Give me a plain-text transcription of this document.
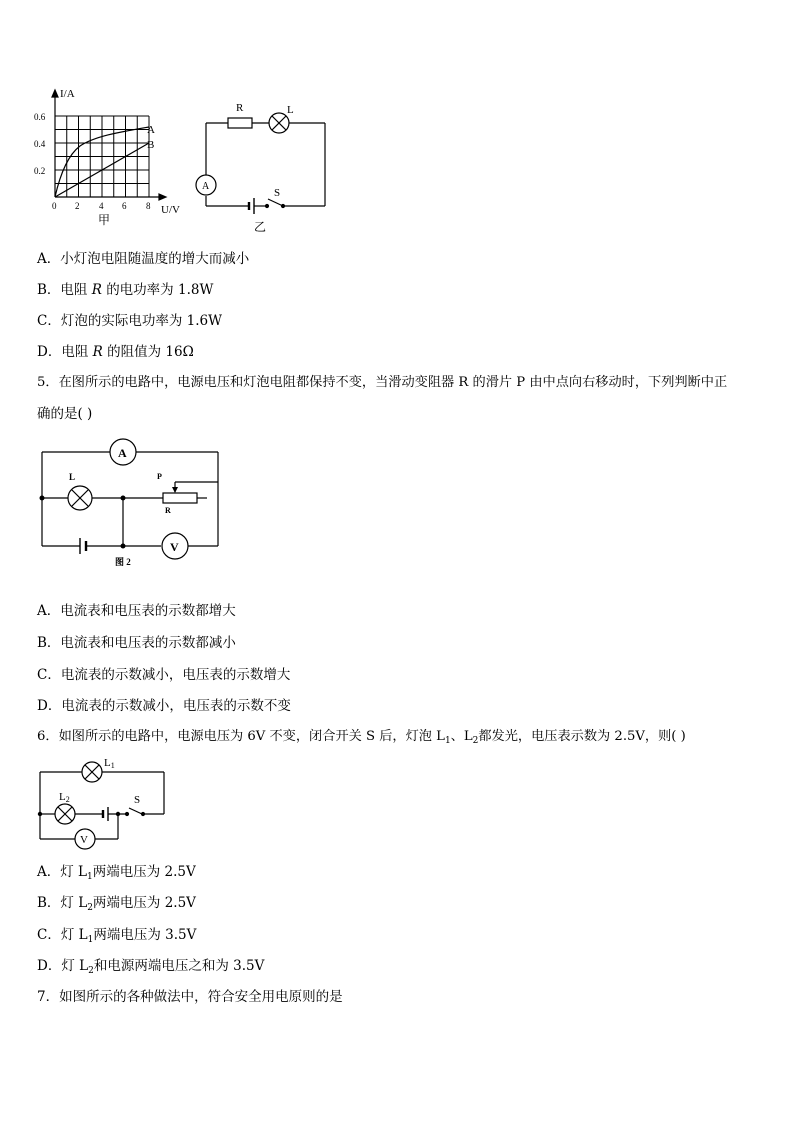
A
B
I/A
0.6
0.4
0.2
0 2 4 6 8 U/V
甲
R	L
A
S
乙
A．小灯泡电阻随温度的增大而减小
B．电阻 R 的电功率为 1.8W
C．灯泡的实际电功率为 1.6W
D．电阻 R 的阻值为 16Ω
5．在图所示的电路中，电源电压和灯泡电阻都保持不变，当滑动变阻器 R 的滑片 P 由中点向右移动时，下列判断中正
确的是( )
A
V
L	P
R
图 2
A．电流表和电压表的示数都增大
B．电流表和电压表的示数都减小
C．电流表的示数减小，电压表的示数增大
D．电流表的示数减小，电压表的示数不变
6．如图所示的电路中，电源电压为 6V 不变，闭合开关 S 后，灯泡 $L_1$、$L_2$都发光，电压表示数为 2.5V，则( )
L1
L2	S
V
A．灯 $L_1$两端电压为 2.5V
B．灯 $L_2$两端电压为 2.5V
C．灯 $L_1$两端电压为 3.5V
D．灯 $L_2$和电源两端电压之和为 3.5V
7．如图所示的各种做法中，符合安全用电原则的是
